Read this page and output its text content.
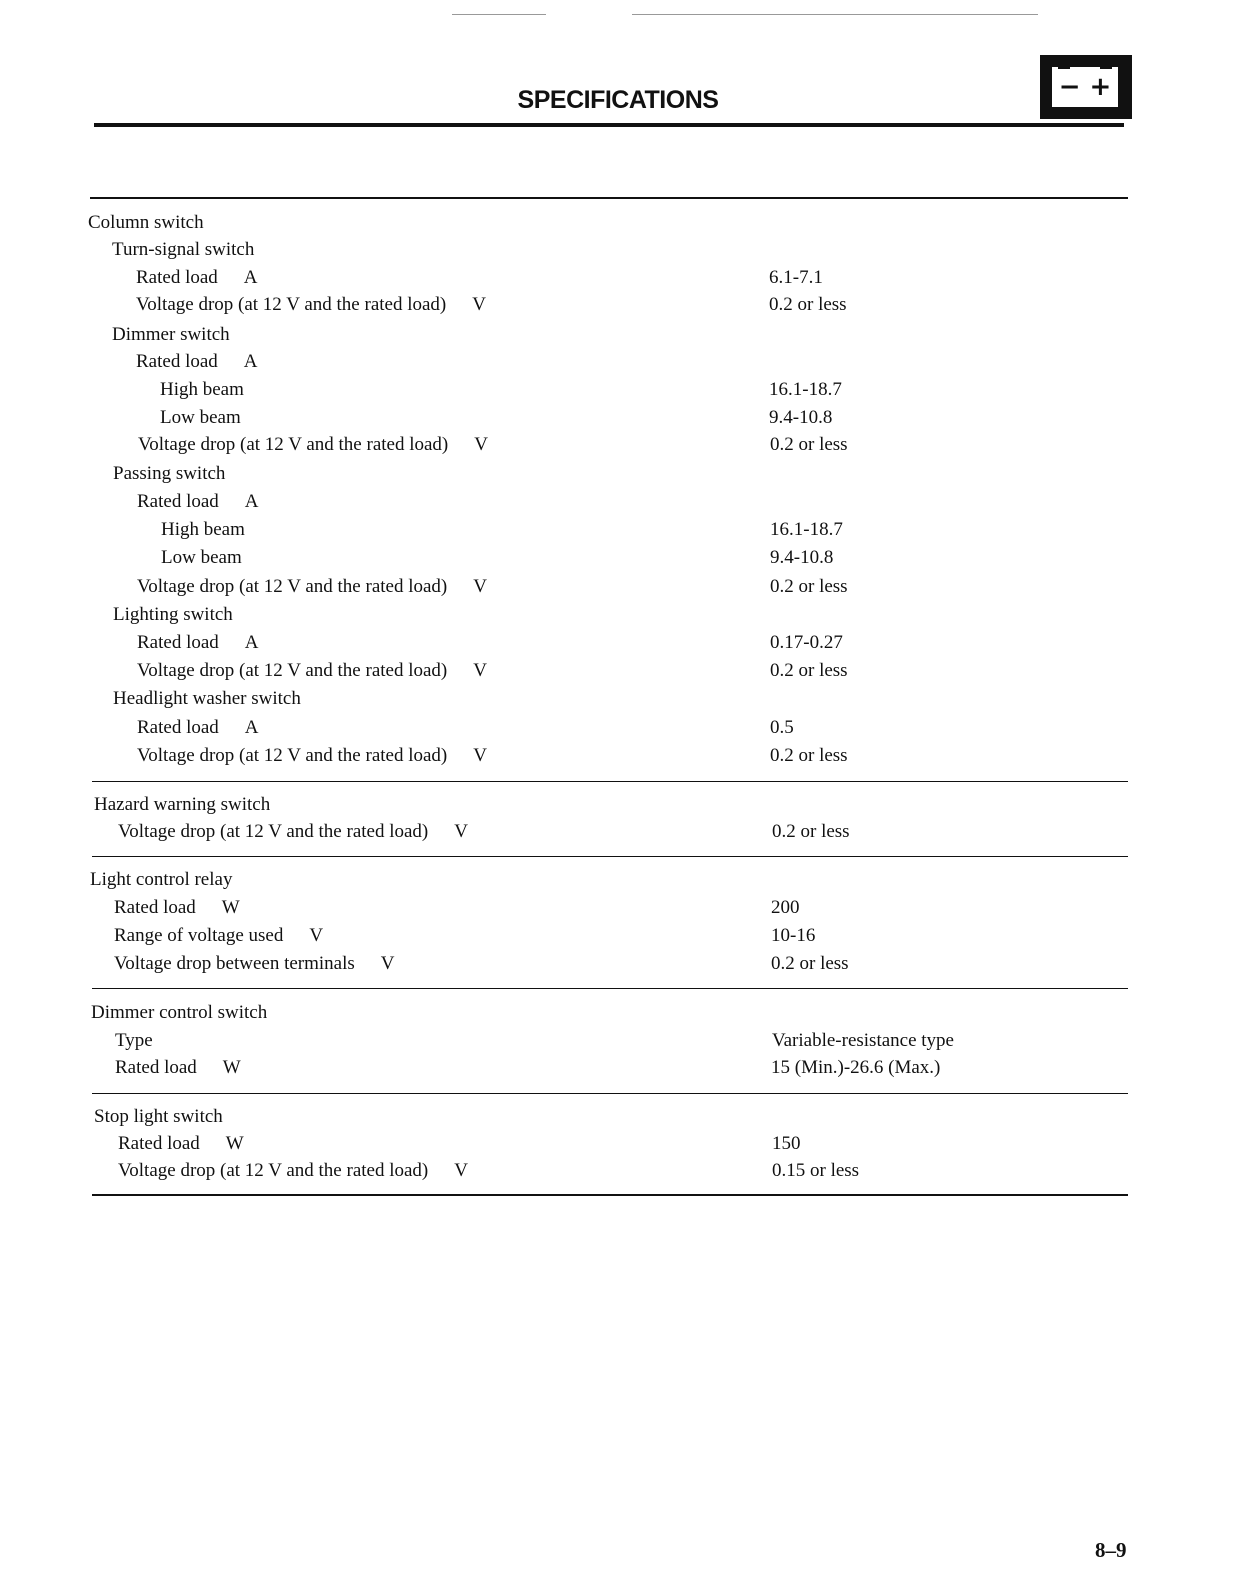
SPECIFICATIONS	− +
Column switch
Turn-signal switch
Rated load A	6.1-7.1
Voltage drop (at 12 V and the rated load) V	0.2 or less
Dimmer switch
Rated load A
High beam	16.1-18.7
Low beam	9.4-10.8
Voltage drop (at 12 V and the rated load) V	0.2 or less
Passing switch
Rated load A
High beam	16.1-18.7
Low beam	9.4-10.8
Voltage drop (at 12 V and the rated load) V	0.2 or less
Lighting switch
Rated load A	0.17-0.27
Voltage drop (at 12 V and the rated load) V	0.2 or less
Headlight washer switch
Rated load A	0.5
Voltage drop (at 12 V and the rated load) V	0.2 or less
Hazard warning switch
Voltage drop (at 12 V and the rated load) V	0.2 or less
Light control relay
Rated load W	200
Range of voltage used V	10-16
Voltage drop between terminals V	0.2 or less
Dimmer control switch
Type	Variable-resistance type
Rated load W	15 (Min.)-26.6 (Max.)
Stop light switch
Rated load W	150
Voltage drop (at 12 V and the rated load) V	0.15 or less
8–9
